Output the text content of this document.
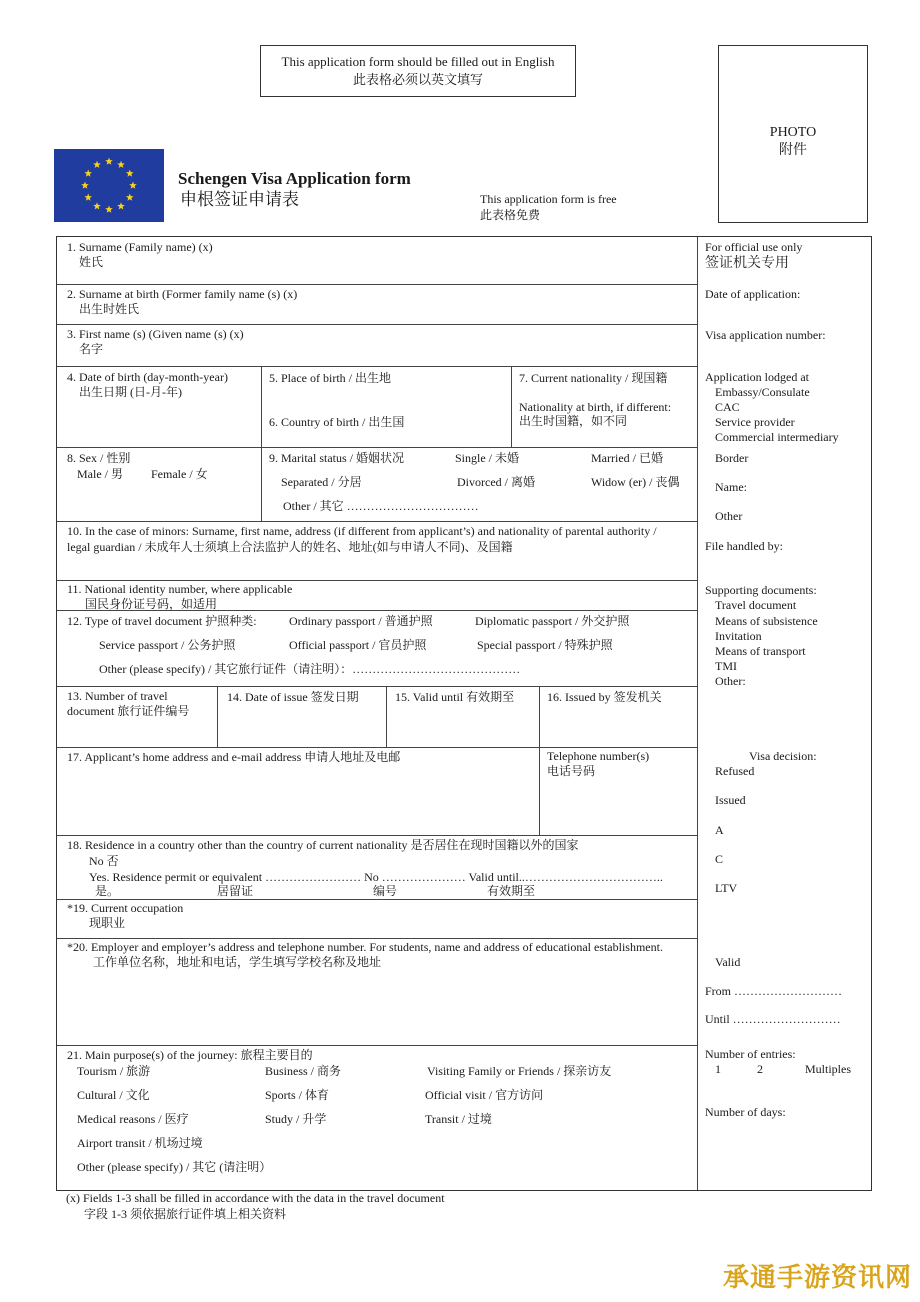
This application form should be filled out in English
此表格必须以英文填写
PHOTO
附件
Schengen Visa Application form
申根签证申请表	This application form is free
此表格免费
1. Surname (Family name) (x)
姓氏
2. Surname at birth (Former family name (s) (x)
出生时姓氏
3. First name (s) (Given name (s) (x)
名字
4. Date of birth (day-month-year)
出生日期 (日-月-年)
5. Place of birth / 出生地
6. Country of birth / 出生国
7. Current nationality / 现国籍
Nationality at birth, if different:
出生时国籍，如不同
8. Sex / 性别
Male / 男 Female / 女
9. Marital status / 婚姻状况	Single / 未婚	Married / 已婚
Separated / 分居	Divorced / 离婚	Widow (er) / 丧偶
Other / 其它 ……………………………
10. In the case of minors: Surname, first name, address (if different from applicant’s) and nationality of parental authority /
legal guardian / 未成年人士须填上合法监护人的姓名、地址(如与申请人不同)、及国籍
11. National identity number, where applicable
国民身份证号码，如适用
12. Type of travel document 护照种类:	Ordinary passport / 普通护照	Diplomatic passport / 外交护照
Service passport / 公务护照	Official passport / 官员护照	Special passport / 特殊护照
Other (please specify) / 其它旅行证件（请注明）：……………………………………
13. Number of travel
document 旅行证件编号
14. Date of issue 签发日期	15. Valid until 有效期至	16. Issued by 签发机关
17. Applicant’s home address and e-mail address 申请人地址及电邮	Telephone number(s)
电话号码
18. Residence in a country other than the country of current nationality 是否居住在现时国籍以外的国家
No 否
Yes. Residence permit or equivalent …………………… No ………………… Valid until..……………………………..
是。	居留证	编号	有效期至
*19. Current occupation
现职业
*20. Employer and employer’s address and telephone number. For students, name and address of educational establishment.
工作单位名称，地址和电话，学生填写学校名称及地址
21. Main purpose(s) of the journey: 旅程主要目的
Tourism / 旅游	Business / 商务	Visiting Family or Friends / 探亲访友
Cultural / 文化	Sports / 体育	Official visit / 官方访问
Medical reasons / 医疗	Study / 升学	Transit / 过境
Airport transit / 机场过境
Other (please specify) / 其它 (请注明）
For official use only
签证机关专用
Date of application:
Visa application number:
Application lodged at
Embassy/Consulate
CAC
Service provider
Commercial intermediary
Border
Name:
Other
File handled by:
Supporting documents:
Travel document
Means of subsistence
Invitation
Means of transport
TMI
Other:
Visa decision:
Refused
Issued
A
C
LTV
Valid
From ………………………
Until ………………………
Number of entries:
1	2	Multiples
Number of days:
(x) Fields 1-3 shall be filled in accordance with the data in the travel document
字段 1-3 须依据旅行证件填上相关资料
承通手游资讯网
